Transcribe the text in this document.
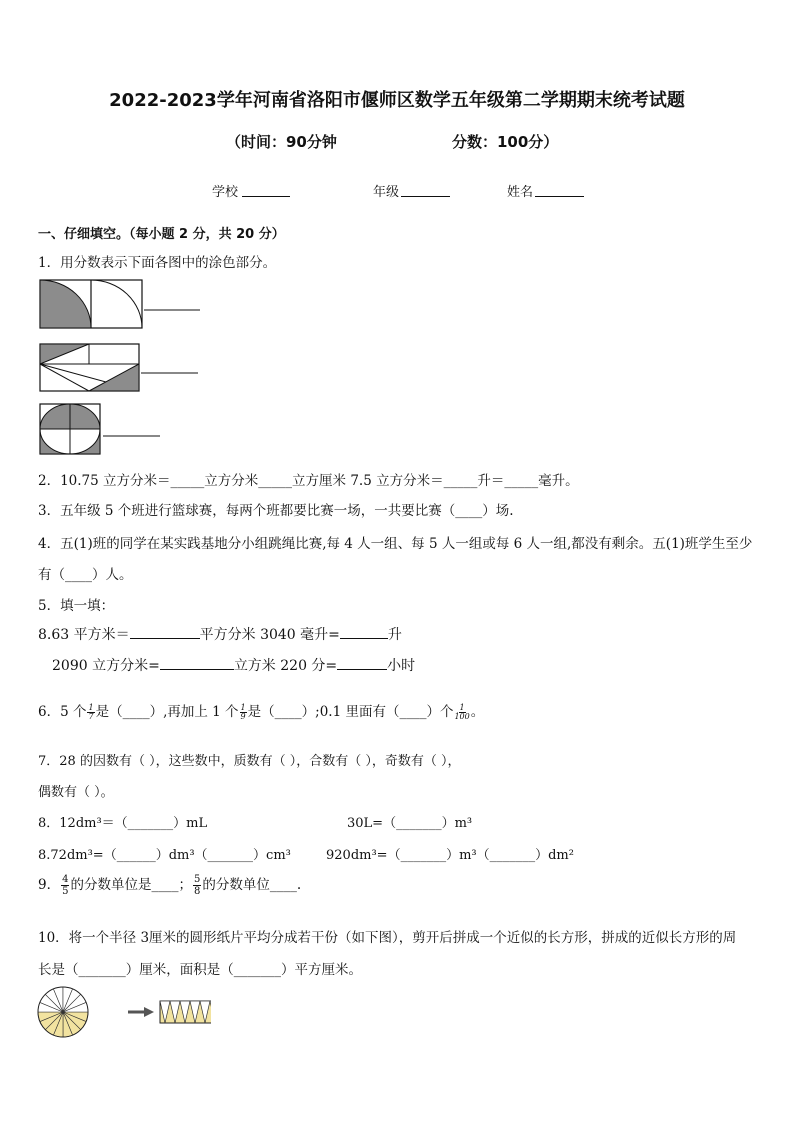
2022-2023学年河南省洛阳市偃师区数学五年级第二学期期末统考试题
（时间：90分钟	分数：100分）
学校	年级	姓名
一、仔细填空。（每小题 2 分，共 20 分）
1．用分数表示下面各图中的涂色部分。
2．10.75 立方分米＝_____立方分米_____立方厘米 7.5 立方分米＝_____升＝_____毫升。
3．五年级 5 个班进行篮球赛，每两个班都要比赛一场，一共要比赛（____）场.
4．五(1)班的同学在某实践基地分小组跳绳比赛,每 4 人一组、每 5 人一组或每 6 人一组,都没有剩余。五(1)班学生至少
有（____）人。
5．填一填：
8.63 平方米＝	平方分米 3040 毫升=	升
2090 立方分米=	立方米 220 分=	小时
6．5 个 $\frac{1}{7}$ 是（____）,再加上 1 个 $\frac{1}{9}$ 是（____）;0.1 里面有（____）个 $\frac{1}{100}$ 。
7．28 的因数有（ ），这些数中，质数有（ ），合数有（ ），奇数有（ ），
偶数有（ ）。
8．12dm³＝（_______）mL	30L=（_______）m³
8.72dm³=（______）dm³（_______）cm³	920dm³=（_______）m³（_______）dm²
9． $\frac{4}{5}$ 的分数单位是____； $\frac{5}{8}$ 的分数单位____.
10．将一个半径 3厘米的圆形纸片平均分成若干份（如下图），剪开后拼成一个近似的长方形，拼成的近似长方形的周
长是（_______）厘米，面积是（_______）平方厘米。
